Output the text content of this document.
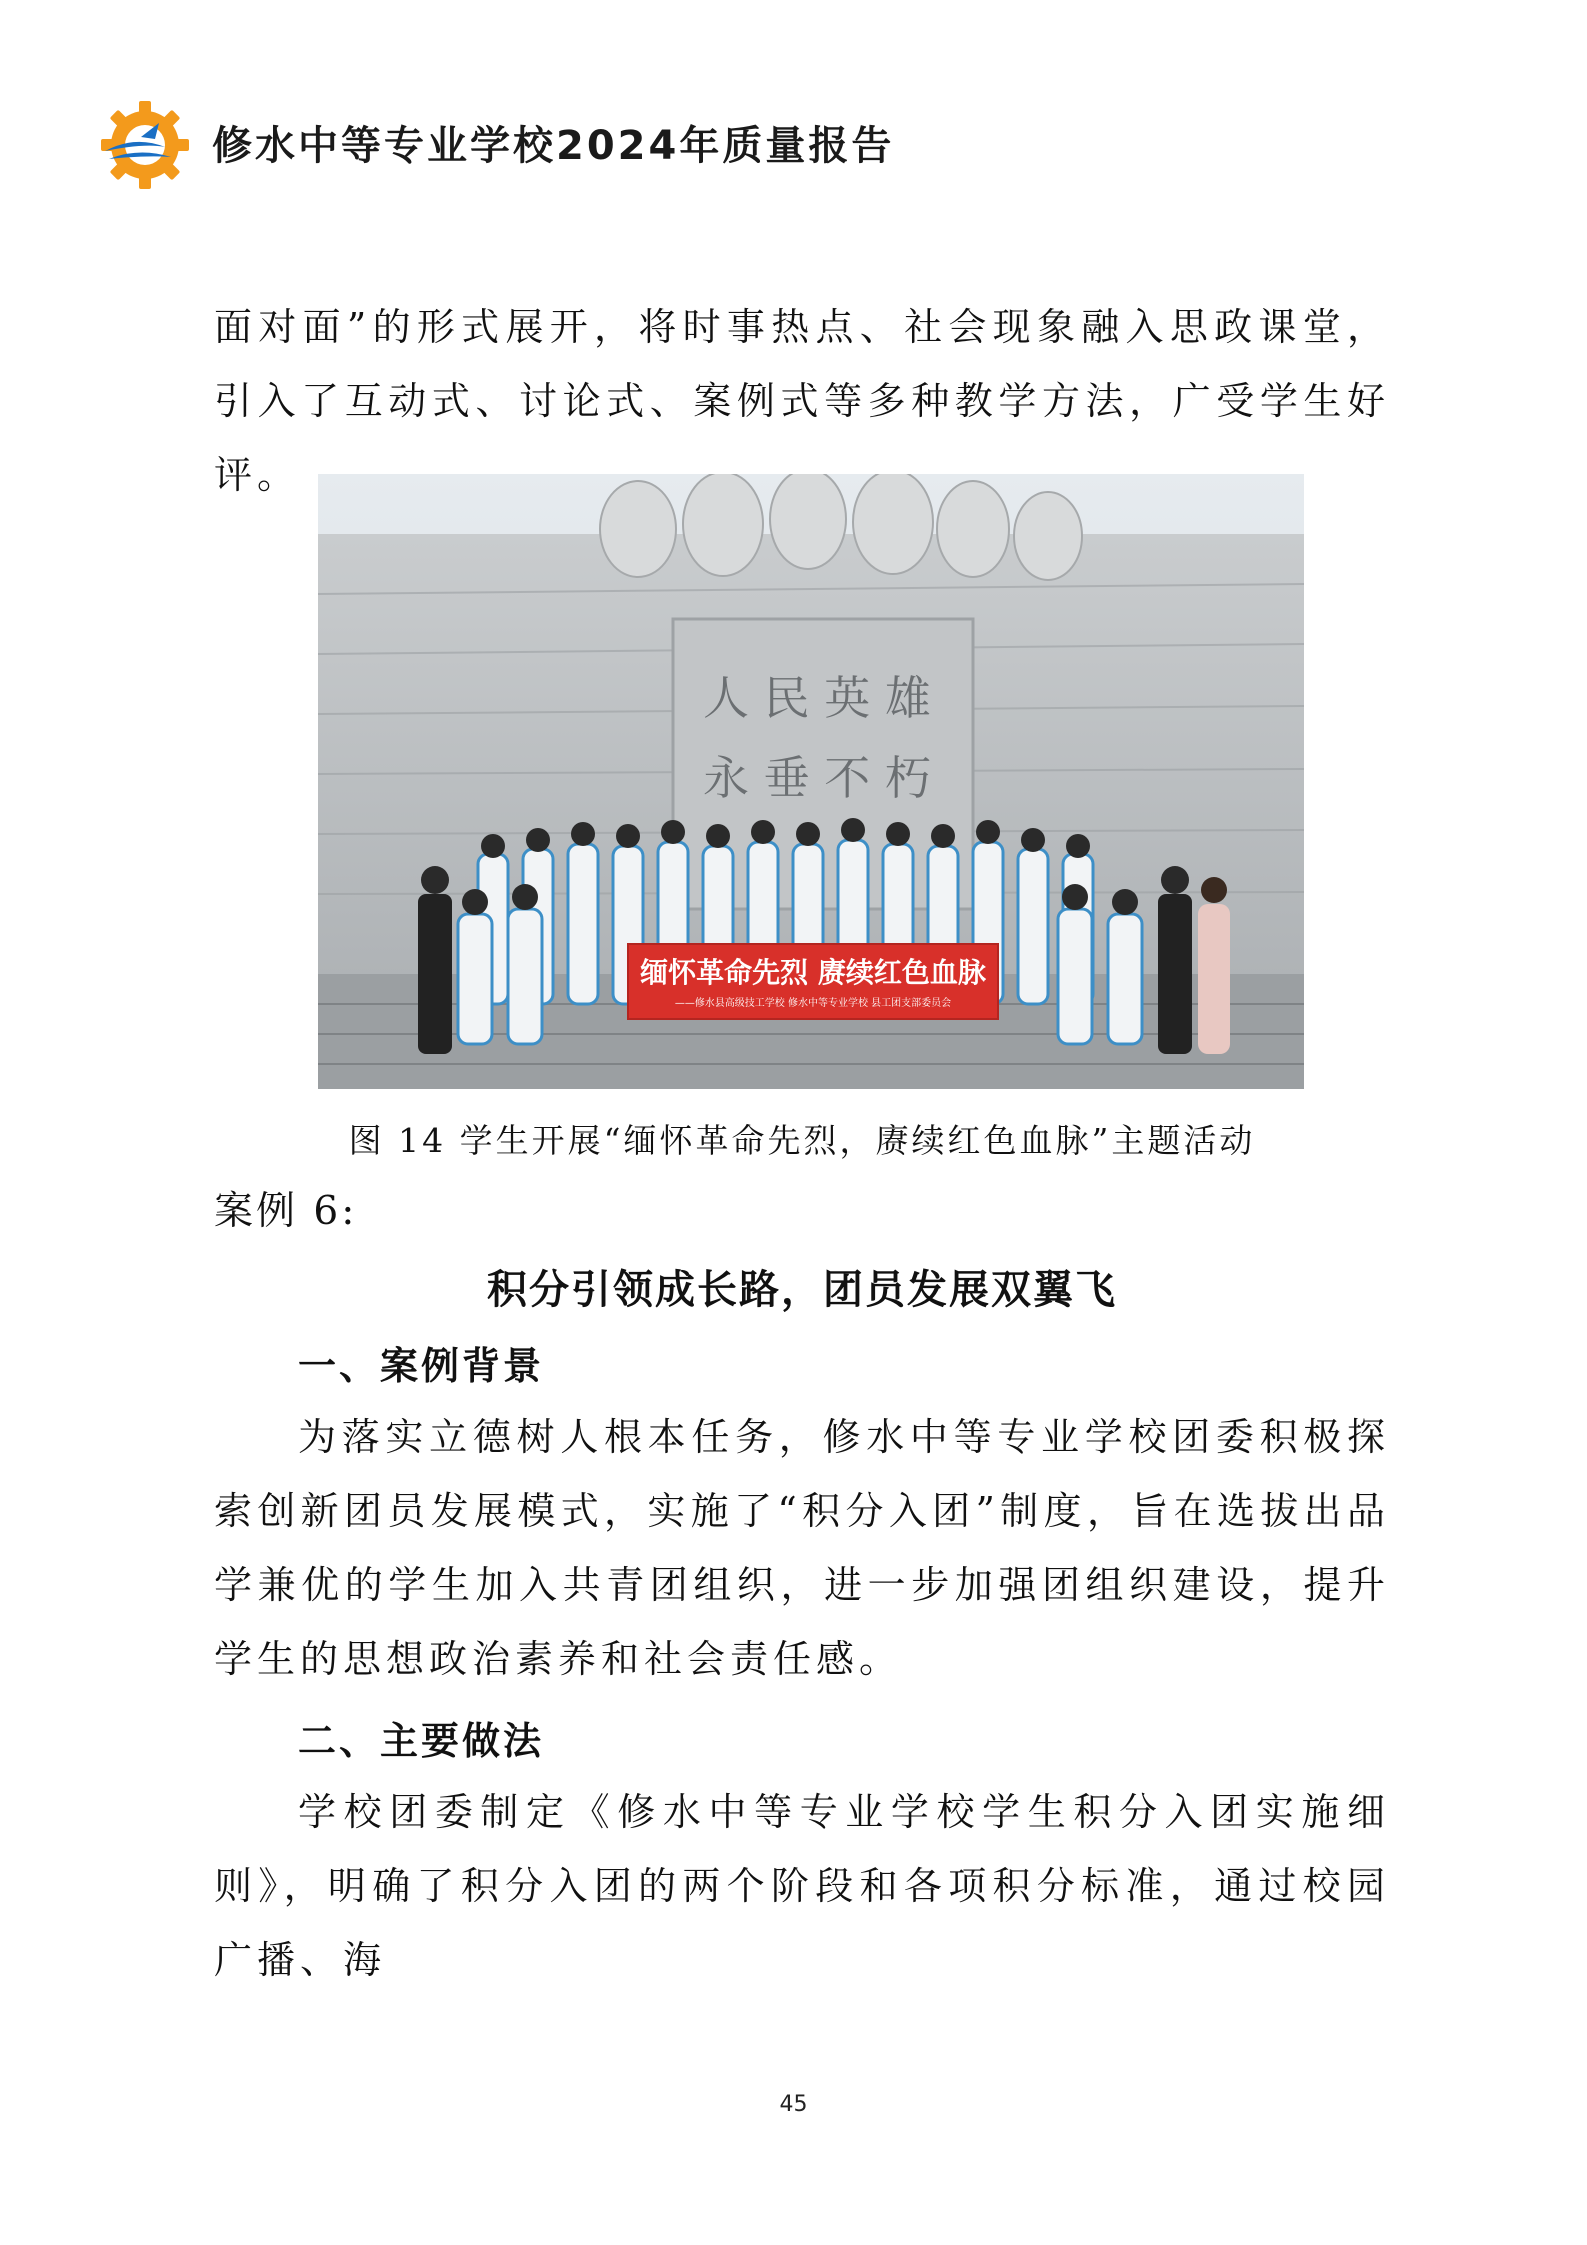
修水中等专业学校2024年质量报告
面对面”的形式展开，将时事热点、社会现象融入思政课堂，引入了互动式、讨论式、案例式等多种教学方法，广受学生好评。
人 民 英 雄
永 垂 不 朽
缅怀革命先烈 赓续红色血脉
——修水县高级技工学校 修水中等专业学校 县工团支部委员会
图 14 学生开展“缅怀革命先烈，赓续红色血脉”主题活动
案例 6:
积分引领成长路，团员发展双翼飞
一、案例背景
为落实立德树人根本任务，修水中等专业学校团委积极探索创新团员发展模式，实施了“积分入团”制度，旨在选拔出品学兼优的学生加入共青团组织，进一步加强团组织建设，提升学生的思想政治素养和社会责任感。
二、主要做法
学校团委制定《修水中等专业学校学生积分入团实施细则》，明确了积分入团的两个阶段和各项积分标准，通过校园广播、海
45
